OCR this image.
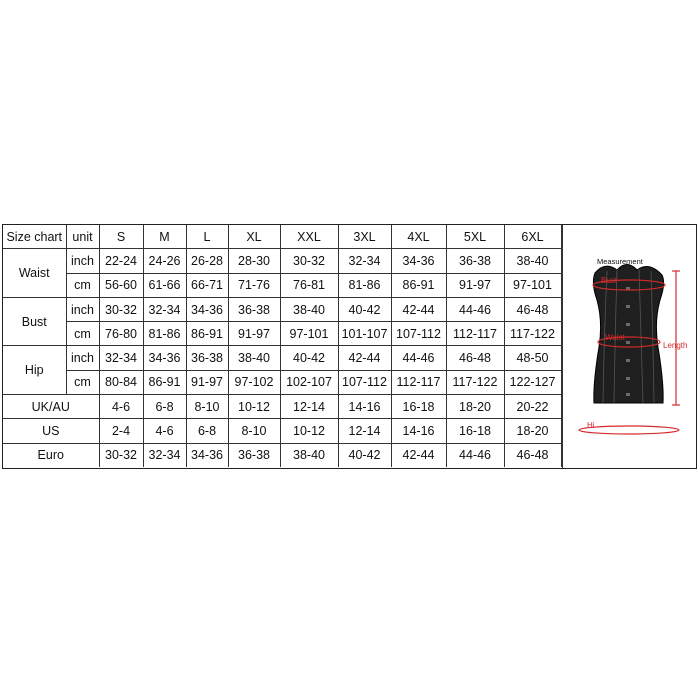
Size chart	unit	S	M	L	XL	XXL	3XL	4XL	5XL	6XL
Waist	inch	22-24	24-26	26-28	28-30	30-32	32-34	34-36	36-38	38-40
	cm	56-60	61-66	66-71	71-76	76-81	81-86	86-91	91-97	97-101
Bust	inch	30-32	32-34	34-36	36-38	38-40	40-42	42-44	44-46	46-48
	cm	76-80	81-86	86-91	91-97	97-101	101-107	107-112	112-117	117-122
Hip	inch	32-34	34-36	36-38	38-40	40-42	42-44	44-46	46-48	48-50
	cm	80-84	86-91	91-97	97-102	102-107	107-112	112-117	117-122	122-127
UK/AU		4-6	6-8	8-10	10-12	12-14	14-16	16-18	18-20	20-22
US		2-4	4-6	6-8	8-10	10-12	12-14	14-16	16-18	18-20
Euro		30-32	32-34	34-36	36-38	38-40	40-42	42-44	44-46	46-48
Measurement
Bust
Waist
Hi
Length
